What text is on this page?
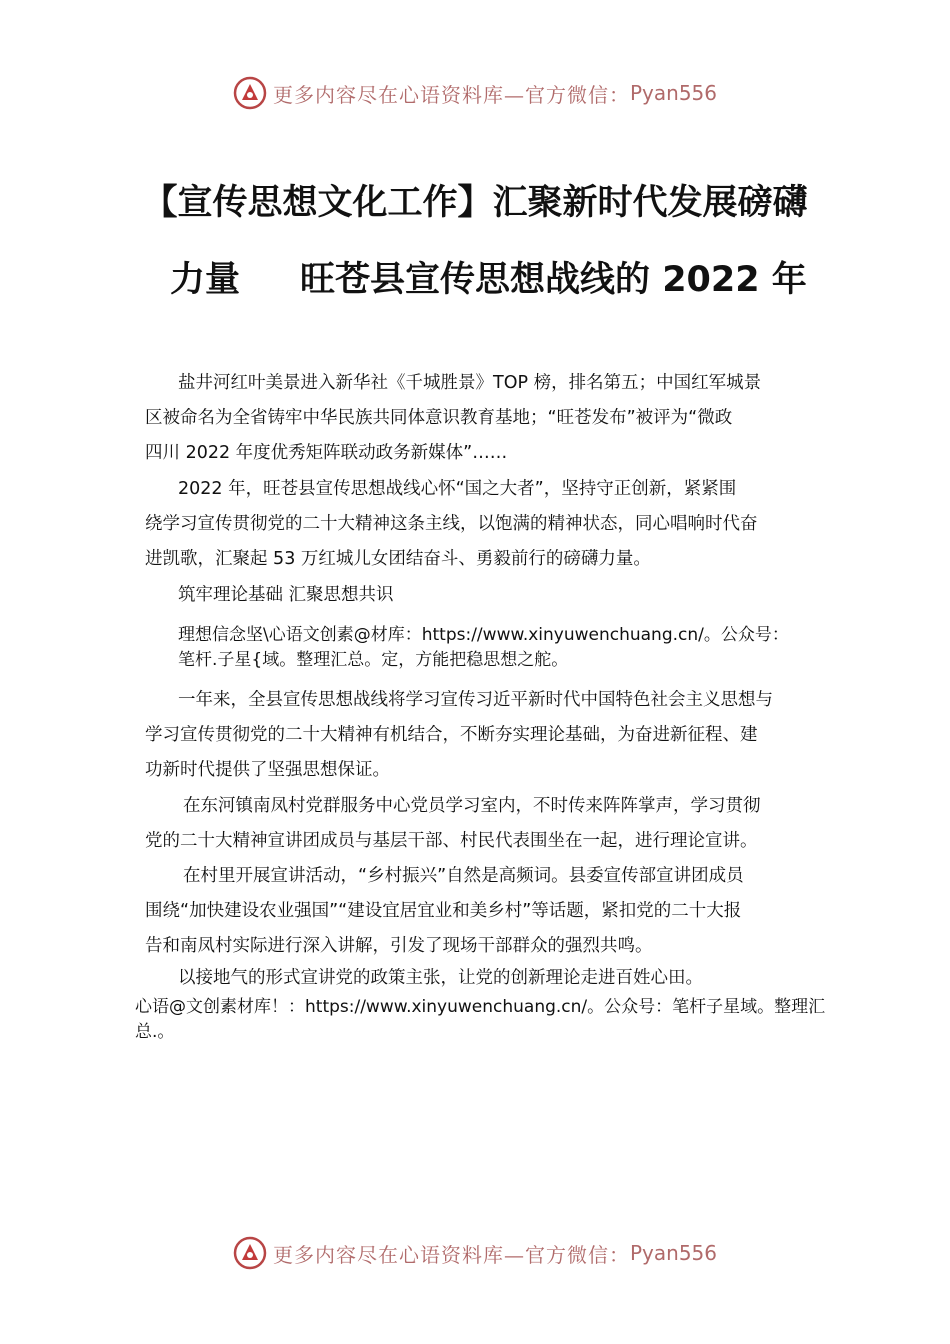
更多内容尽在心语资料库—官方微信： Pyan556
【宣传思想文化工作】汇聚新时代发展磅礴
力量 旺苍县宣传思想战线的 2022 年
盐井河红叶美景进入新华社《千城胜景》TOP 榜，排名第五；中国红军城景
区被命名为全省铸牢中华民族共同体意识教育基地；“旺苍发布”被评为“微政
四川 2022 年度优秀矩阵联动政务新媒体”……
2022 年，旺苍县宣传思想战线心怀“国之大者”，坚持守正创新，紧紧围
绕学习宣传贯彻党的二十大精神这条主线，以饱满的精神状态，同心唱响时代奋
进凯歌，汇聚起 53 万红城儿女团结奋斗、勇毅前行的磅礴力量。
筑牢理论基础 汇聚思想共识
理想信念坚\心语文创素@材库：https://www.xinyuwenchuang.cn/。公众号：
笔杆.子星{域。整理汇总。定，方能把稳思想之舵。
一年来，全县宣传思想战线将学习宣传习近平新时代中国特色社会主义思想与
学习宣传贯彻党的二十大精神有机结合，不断夯实理论基础，为奋进新征程、建
功新时代提供了坚强思想保证。
在东河镇南凤村党群服务中心党员学习室内，不时传来阵阵掌声，学习贯彻
党的二十大精神宣讲团成员与基层干部、村民代表围坐在一起，进行理论宣讲。
在村里开展宣讲活动，“乡村振兴”自然是高频词。县委宣传部宣讲团成员
围绕“加快建设农业强国”“建设宜居宜业和美乡村”等话题，紧扣党的二十大报
告和南凤村实际进行深入讲解，引发了现场干部群众的强烈共鸣。
以接地气的形式宣讲党的政策主张，让党的创新理论走进百姓心田。
心语@文创素材库！：https://www.xinyuwenchuang.cn/。公众号：笔杆子星域。整理汇
总.。
更多内容尽在心语资料库—官方微信： Pyan556
